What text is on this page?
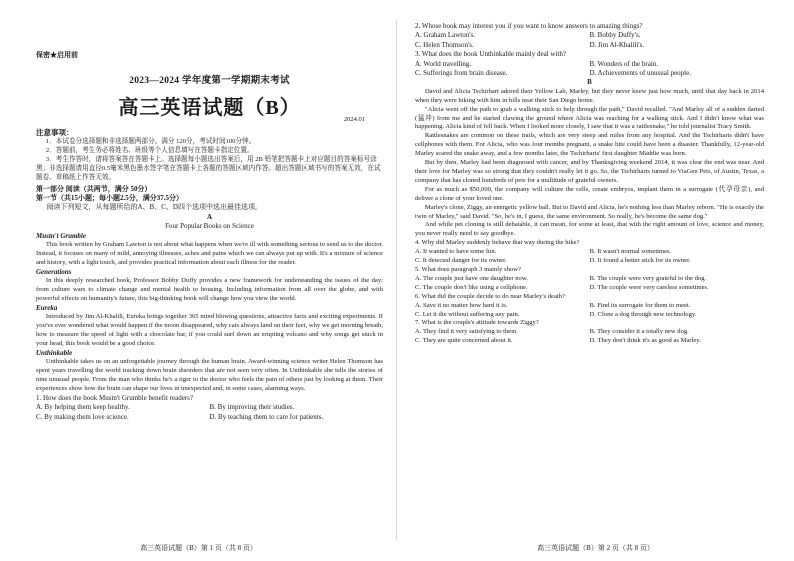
保密★启用前
2023—2024 学年度第一学期期末考试
高三英语试题（B）
2024.01
注意事项：
1．本试卷分选择题和非选择题两部分。满分 120分，考试时间100分钟。
2．答题前，考生务必将姓名、班级等个人信息填写在答题卡指定位置。
3．考生作答时，请将答案答在答题卡上。选择题每小题选出答案后，用 2B 铅笔把答题卡上对应题目的答案标号涂黑；非选择题请用直径0.5毫米黑色墨水签字笔在答题卡上各题的答题区域内作答。超出答题区域书写的答案无效，在试题卷、草稿纸上作答无效。
第一部分 阅读（共两节，满分 50分）
第一节（共15小题；每小题2.5分，满分37.5分）
阅读下列短文，从每题所给的A、B、C、D四个选项中选出最佳选项。
A
Four Popular Books on Science
Mustn't Grumble
This book written by Graham Lawton is not about what happens when we're ill with something serious to send us to the doctor. Instead, it focuses on many of mild, annoying illnesses, aches and pains which we can always put up with. It's a mixture of science and history, with a light touch, and provides practical information about each illness for the reader.
Generations
In this deeply researched book, Professor Bobby Duffy provides a new framework for understanding the issues of the day: from culture wars to climate change and mental health to housing. Including information from all over the globe, and with powerful effects on humanity's future, this big-thinking book will change how you view the world.
Eureka
Introduced by Jim Al-Khalili, Eureka brings together 365 mind blowing questions, attractive facts and exciting experiments. If you've ever wondered what would happen if the moon disappeared, why cats always land on their feet, why we get morning breath, how to measure the speed of light with a chocolate bar, if you could surf down an erupting volcano and why songs get stuck in your head, this book would be a good choice.
Unthinkable
Unthinkable takes us on an unforgettable journey through the human brain. Award-winning science writer Helen Thomson has spent years travelling the world tracking down brain disorders that are not seen very often. In Unthinkable she tells the stories of nine unusual people. From the man who thinks he's a tiger to the doctor who feels the pain of others just by looking at them. Their experiences show how the brain can shape our lives in unexpected and, in some cases, alarming ways.
1. How does the book Mustn't Grumble benefit readers?
A. By helping them keep healthy.	B. By improving their studies.
C. By making them love science.	D. By teaching them to care for patients.
高三英语试题（B）第 1 页（共 8 页）
2. Whose book may interest you if you want to know answers to amazing things?
A. Graham Lawton's.	B. Bobby Duffy's.
C. Helen Thomson's.	D. Jim Al-Khalili's.
3. What does the book Unthinkable mainly deal with?
A. World travelling.	B. Wonders of the brain.
C. Sufferings from brain disease.	D. Achievements of unusual people.
B
David and Alicia Tschirhart adored their Yellow Lab, Marley, but they never knew just how much, until that day back in 2014 when they were hiking with him in hills near their San Diego home.
"Alicia went off the path to grab a walking stick to help through the path," David recalled. "And Marley all of a sudden darted (猛冲) from me and he started clawing the ground where Alicia was reaching for a walking stick. And I didn't know what was happening. Alicia kind of fell back. When I looked more closely, I saw that it was a rattlesnake," he told journalist Tracy Smith.
Rattlesnakes are common on these trails, which are very steep and miles from any hospital. And the Tschirharts didn't have cellphones with them. For Alicia, who was four months pregnant, a snake bite could have been a disaster. Thankfully, 12-year-old Marley scared the snake away, and a few months later, the Tschirharts' first daughter Maddie was born.
But by then, Marley had been diagnosed with cancer, and by Thanksgiving weekend 2014, it was clear the end was near. And their love for Marley was so strong that they couldn't really let it go. So, the Tschirharts turned to ViaGen Pets, of Austin, Texas, a company that has cloned hundreds of pets for a multitude of grateful owners.
For as much as $50,000, the company will culture the cells, create embryos, implant them in a surrogate (代孕母亲), and deliver a clone of your loved one.
Marley's clone, Ziggy, an energetic yellow ball. But to David and Alicia, he's nothing less than Marley reborn. "He is exactly the twin of Marley," said David. "So, he's in, I guess, the same environment. So really, he's become the same dog."
And while pet cloning is still debatable, it can mean, for some at least, that with the right amount of love, science and money, you never really need to say goodbye.
4. Why did Marley suddenly behave that way during the hike?
A. It wanted to have some fun.	B. It wasn't normal sometimes.
C. It detected danger for its owner.	D. It found a better stick for its owner.
5. What does paragraph 3 mainly show?
A. The couple just have one daughter now.	B. The couple were very grateful to the dog.
C. The couple don't like using a cellphone.	D. The couple were very careless sometimes.
6. What did the couple decide to do near Marley's death?
A. Save it no matter how hard it is.	B. Find its surrogate for them to meet.
C. Let it die without suffering any pain.	D. Clone a dog through new technology.
7. What is the couple's attitude towards Ziggy?
A. They find it very satisfying to them.	B. They consider it a totally new dog.
C. They are quite concerned about it.	D. They don't think it's as good as Marley.
高三英语试题（B）第 2 页（共 8 页）
